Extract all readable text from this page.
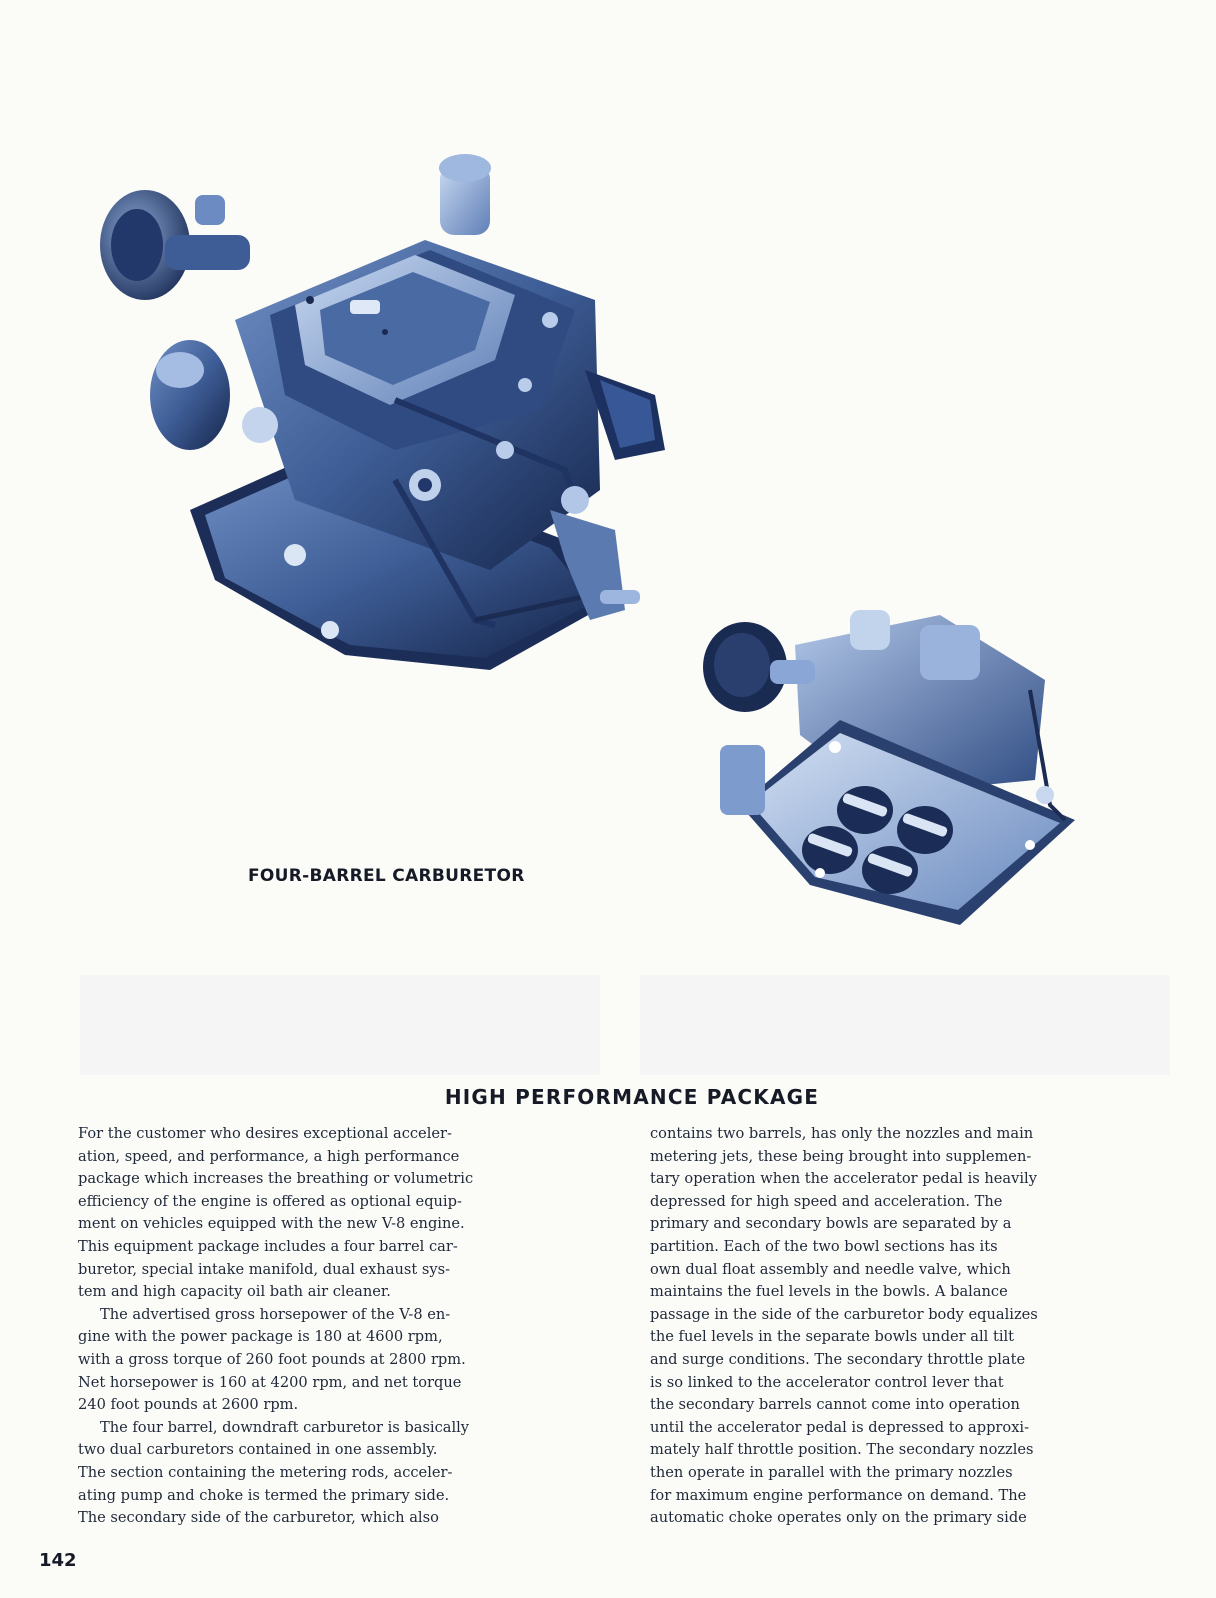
FOUR-BARREL CARBURETOR
HIGH PERFORMANCE PACKAGE

For the customer who desires exceptional acceler-
ation, speed, and performance, a high performance
package which increases the breathing or volumetric
efficiency of the engine is offered as optional equip-
ment on vehicles equipped with the new V-8 engine.
This equipment package includes a four barrel car-
buretor, special intake manifold, dual exhaust sys-
tem and high capacity oil bath air cleaner.

The advertised gross horsepower of the V-8 en-
gine with the power package is 180 at 4600 rpm,
with a gross torque of 260 foot pounds at 2800 rpm.
Net horsepower is 160 at 4200 rpm, and net torque
240 foot pounds at 2600 rpm.

The four barrel, downdraft carburetor is basically
two dual carburetors contained in one assembly.
The section containing the metering rods, acceler-
ating pump and choke is termed the primary side.
The secondary side of the carburetor, which also

contains two barrels, has only the nozzles and main
metering jets, these being brought into supplemen-
tary operation when the accelerator pedal is heavily
depressed for high speed and acceleration. The
primary and secondary bowls are separated by a
partition. Each of the two bowl sections has its
own dual float assembly and needle valve, which
maintains the fuel levels in the bowls. A balance
passage in the side of the carburetor body equalizes
the fuel levels in the separate bowls under all tilt
and surge conditions. The secondary throttle plate
is so linked to the accelerator control lever that
the secondary barrels cannot come into operation
until the accelerator pedal is depressed to approxi-
mately half throttle position. The secondary nozzles
then operate in parallel with the primary nozzles
for maximum engine performance on demand. The
automatic choke operates only on the primary side

142
